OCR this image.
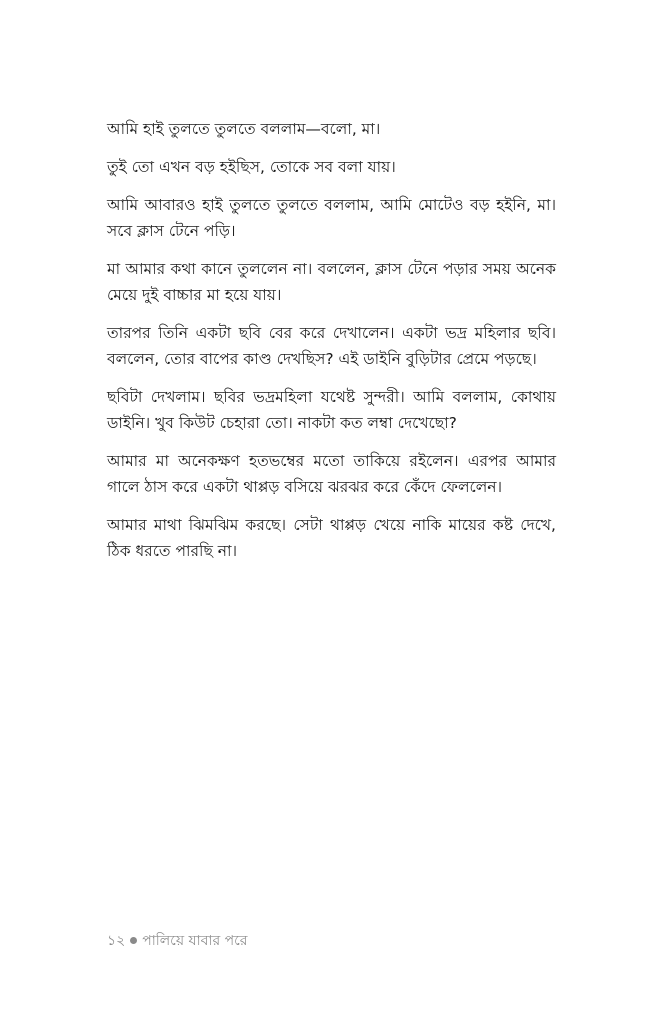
আমি হাই তুলতে তুলতে বললাম—বলো, মা।

তুই তো এখন বড় হইছিস, তোকে সব বলা যায়।

আমি আবারও হাই তুলতে তুলতে বললাম, আমি মোটেও বড় হইনি, মা। সবে ক্লাস টেনে পড়ি।

মা আমার কথা কানে তুললেন না। বললেন, ক্লাস টেনে পড়ার সময় অনেক মেয়ে দুই বাচ্চার মা হয়ে যায়।

তারপর তিনি একটা ছবি বের করে দেখালেন। একটা ভদ্র মহিলার ছবি। বললেন, তোর বাপের কাণ্ড দেখছিস? এই ডাইনি বুড়িটার প্রেমে পড়ছে।

ছবিটা দেখলাম। ছবির ভদ্রমহিলা যথেষ্ট সুন্দরী। আমি বললাম, কোথায় ডাইনি। খুব কিউট চেহারা তো। নাকটা কত লম্বা দেখেছো?

আমার মা অনেকক্ষণ হতভম্বের মতো তাকিয়ে রইলেন। এরপর আমার গালে ঠাস করে একটা থাপ্পড় বসিয়ে ঝরঝর করে কেঁদে ফেললেন।

আমার মাথা ঝিমঝিম করছে। সেটা থাপ্পড় খেয়ে নাকি মায়ের কষ্ট দেখে, ঠিক ধরতে পারছি না।

১২ পালিয়ে যাবার পরে
